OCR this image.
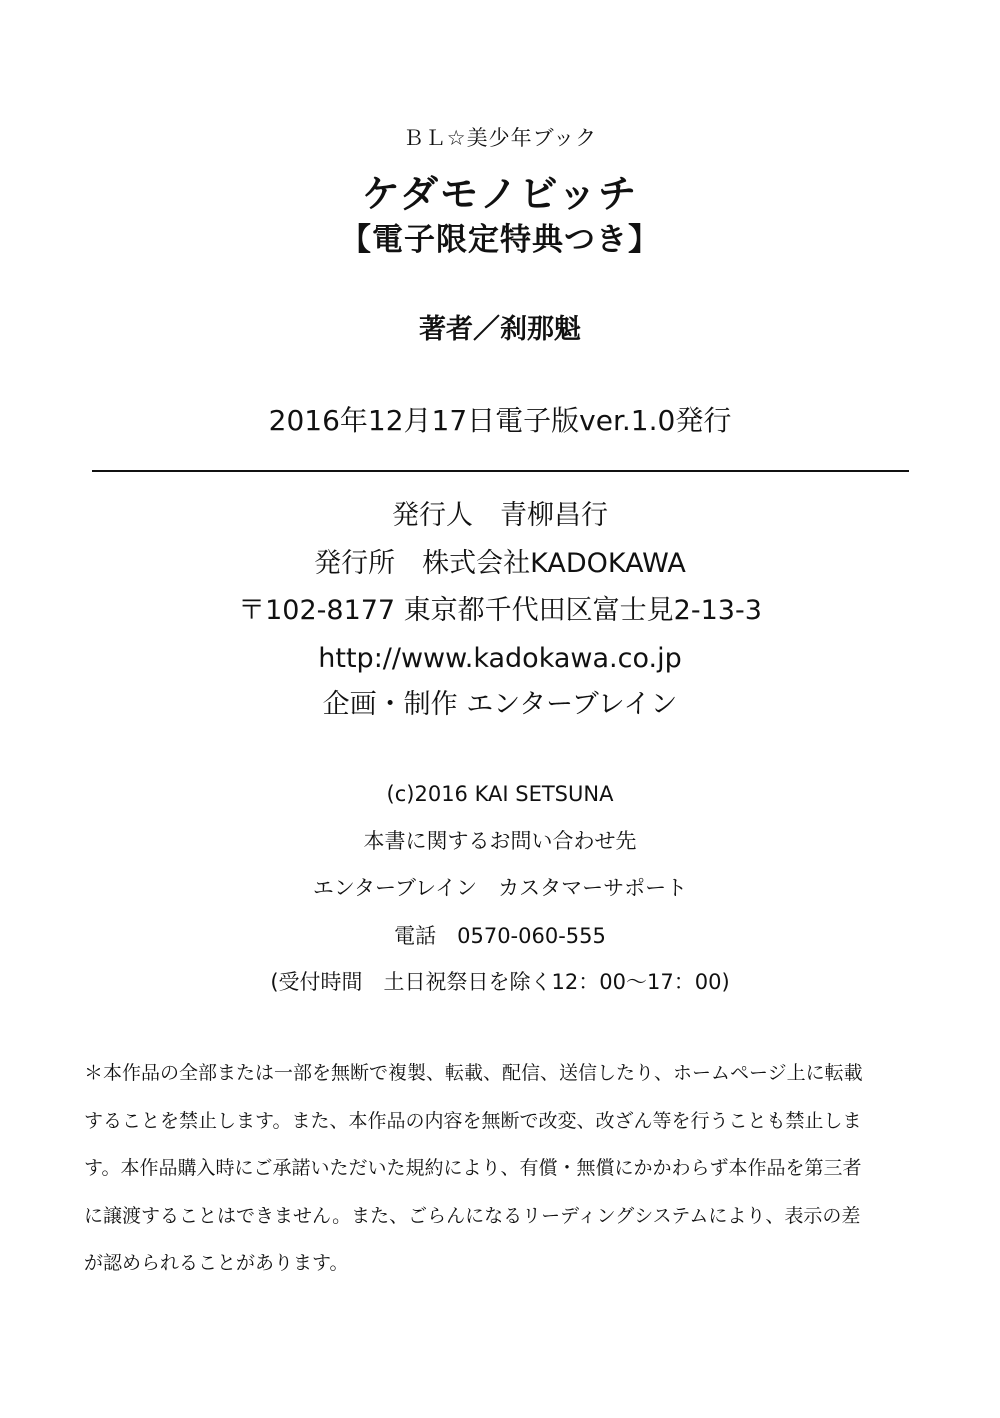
ＢＬ☆美少年ブック
ケダモノビッチ
【電子限定特典つき】
著者／刹那魁
2016年12月17日電子版ver.1.0発行
発行人　青柳昌行
発行所　株式会社KADOKAWA
〒102-8177 東京都千代田区富士見2-13-3
http://www.kadokawa.co.jp
企画・制作 エンターブレイン
(c)2016 KAI SETSUNA
本書に関するお問い合わせ先
エンターブレイン　カスタマーサポート
電話　0570-060-555
(受付時間　土日祝祭日を除く12：00～17：00)
＊本作品の全部または一部を無断で複製、転載、配信、送信したり、ホームページ上に転載
することを禁止します。また、本作品の内容を無断で改変、改ざん等を行うことも禁止しま
す。本作品購入時にご承諾いただいた規約により、有償・無償にかかわらず本作品を第三者
に譲渡することはできません。また、ごらんになるリーディングシステムにより、表示の差
が認められることがあります。
